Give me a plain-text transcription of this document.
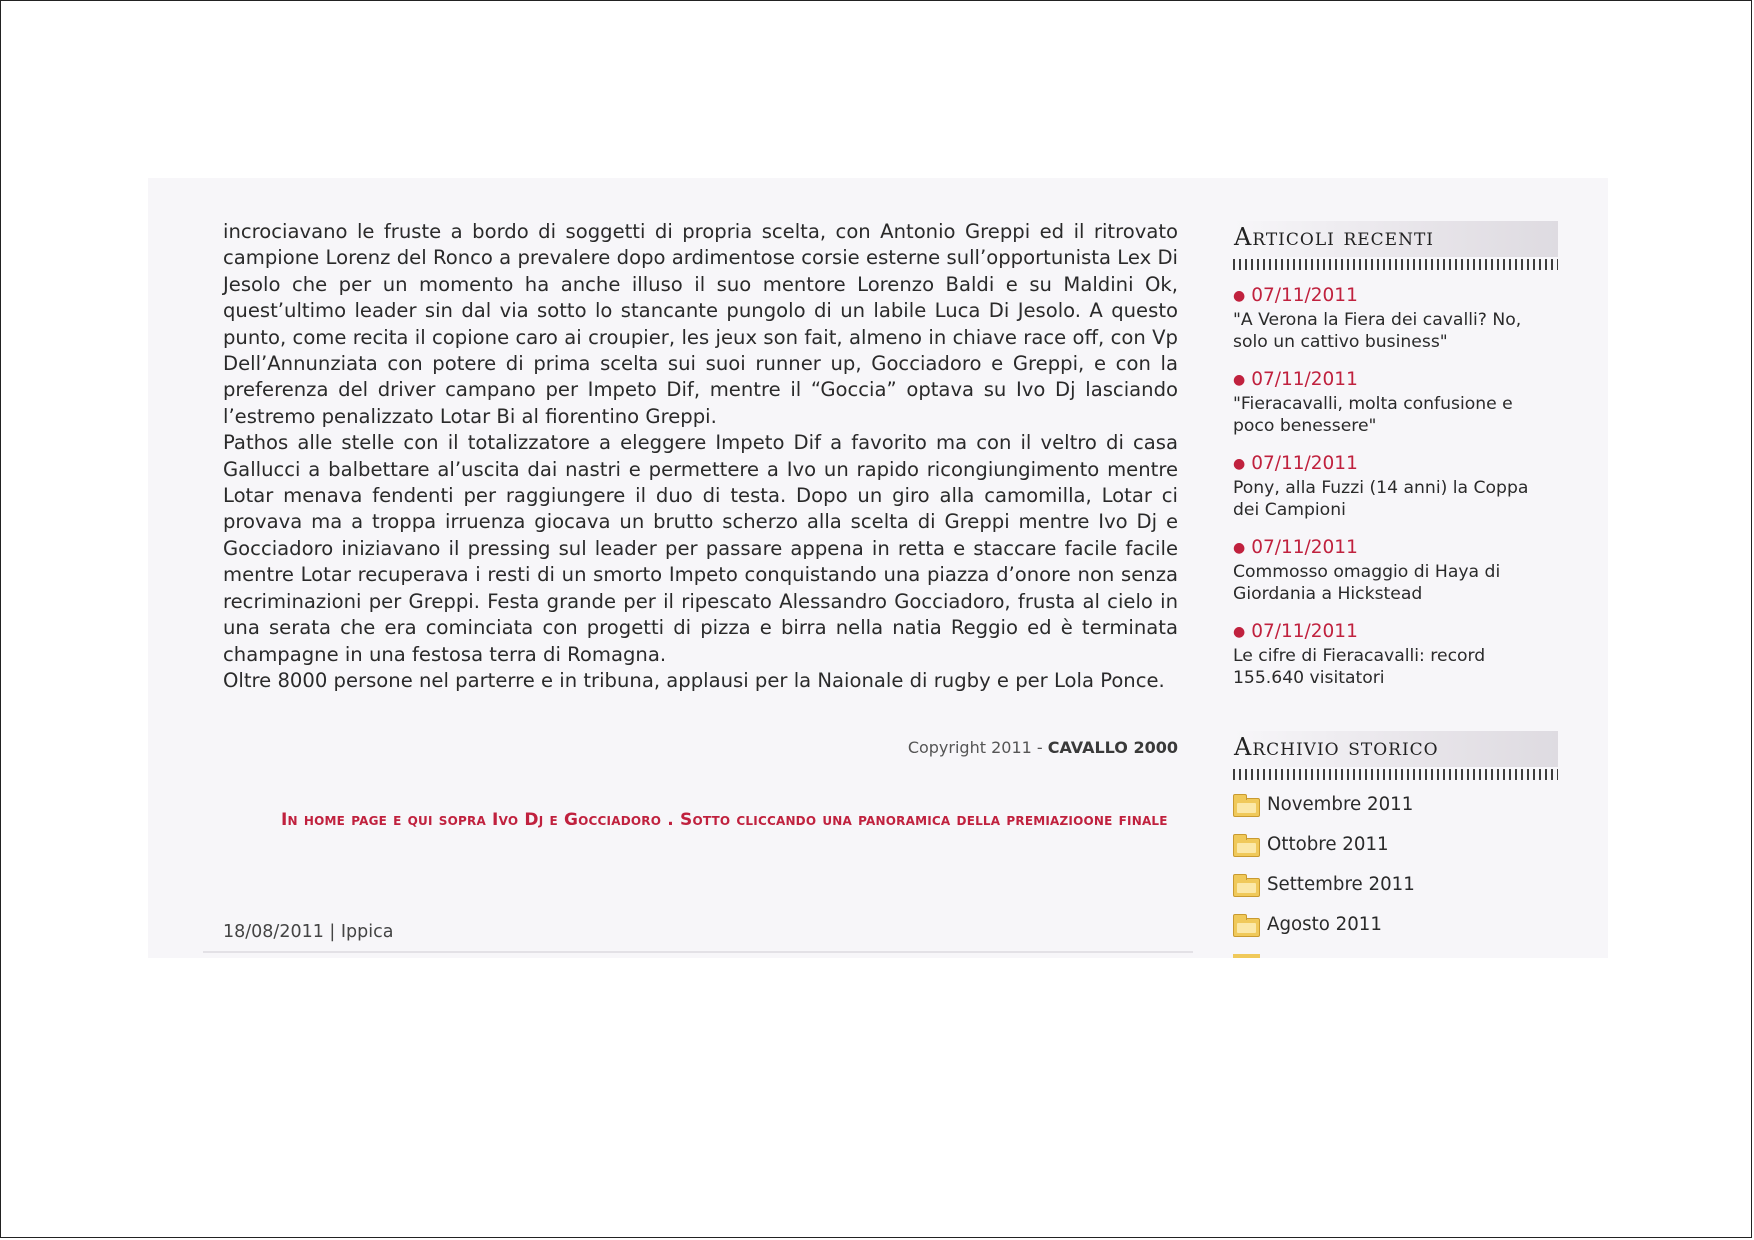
incrociavano le fruste a bordo di soggetti di propria scelta, con Antonio Greppi ed il ritrovato campione Lorenz del Ronco a prevalere dopo ardimentose corsie esterne sull’opportunista Lex Di Jesolo che per un momento ha anche illuso il suo mentore Lorenzo Baldi e su Maldini Ok, quest’ultimo leader sin dal via sotto lo stancante pungolo di un labile Luca Di Jesolo. A questo punto, come recita il copione caro ai croupier, les jeux son fait, almeno in chiave race off, con Vp Dell’Annunziata con potere di prima scelta sui suoi runner up, Gocciadoro e Greppi, e con la preferenza del driver campano per Impeto Dif, mentre il “Goccia” optava su Ivo Dj lasciando l’estremo penalizzato Lotar Bi al fiorentino Greppi.

Pathos alle stelle con il totalizzatore a eleggere Impeto Dif a favorito ma con il veltro di casa Gallucci a balbettare al’uscita dai nastri e permettere a Ivo un rapido ricongiungimento mentre Lotar menava fendenti per raggiungere il duo di testa. Dopo un giro alla camomilla, Lotar ci provava ma a troppa irruenza giocava un brutto scherzo alla scelta di Greppi mentre Ivo Dj e Gocciadoro iniziavano il pressing sul leader per passare appena in retta e staccare facile facile mentre Lotar recuperava i resti di un smorto Impeto conquistando una piazza d’onore non senza recriminazioni per Greppi. Festa grande per il ripescato Alessandro Gocciadoro, frusta al cielo in una serata che era cominciata con progetti di pizza e birra nella natia Reggio ed è terminata champagne in una festosa terra di Romagna.

Oltre 8000 persone nel parterre e in tribuna, applausi per la Naionale di rugby e per Lola Ponce.

Copyright 2011 - CAVALLO 2000
In home page e qui sopra Ivo Dj e Gocciadoro . Sotto cliccando una panoramica della premiazioone finale
18/08/2011 | Ippica
Articoli recenti
● 07/11/2011
"A Verona la Fiera dei cavalli? No, solo un cattivo business"
● 07/11/2011
"Fieracavalli, molta confusione e poco benessere"
● 07/11/2011
Pony, alla Fuzzi (14 anni) la Coppa dei Campioni
● 07/11/2011
Commosso omaggio di Haya di Giordania a Hickstead
● 07/11/2011
Le cifre di Fieracavalli: record 155.640 visitatori
Archivio storico
Novembre 2011
Ottobre 2011
Settembre 2011
Agosto 2011
